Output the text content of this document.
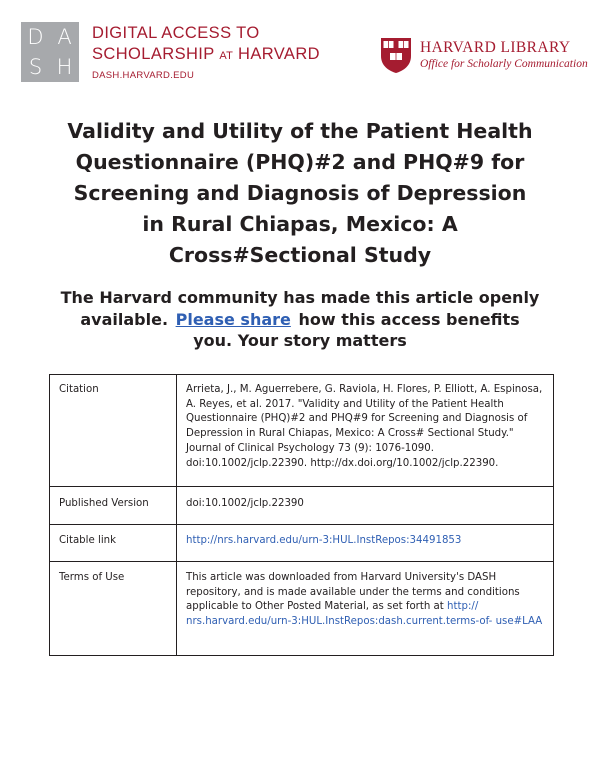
D A
S H
DIGITAL ACCESS TO
SCHOLARSHIP AT HARVARD
DASH.HARVARD.EDU
HARVARD LIBRARY
Office for Scholarly Communication
Validity and Utility of the Patient Health Questionnaire (PHQ)#2 and PHQ#9 for Screening and Diagnosis of Depression in Rural Chiapas, Mexico: A Cross#Sectional Study
The Harvard community has made this article openly available. Please share how this access benefits you. Your story matters
Citation	Arrieta, J., M. Aguerrebere, G. Raviola, H. Flores, P. Elliott, A. Espinosa, A. Reyes, et al. 2017. "Validity and Utility of the Patient Health Questionnaire (PHQ)#2 and PHQ#9 for Screening and Diagnosis of Depression in Rural Chiapas, Mexico: A Cross# Sectional Study." Journal of Clinical Psychology 73 (9): 1076-1090. doi:10.1002/jclp.22390. http://dx.doi.org/10.1002/jclp.22390.
Published Version	doi:10.1002/jclp.22390
Citable link	http://nrs.harvard.edu/urn-3:HUL.InstRepos:34491853
Terms of Use	This article was downloaded from Harvard University's DASH repository, and is made available under the terms and conditions applicable to Other Posted Material, as set forth at http:// nrs.harvard.edu/urn-3:HUL.InstRepos:dash.current.terms-of- use#LAA
